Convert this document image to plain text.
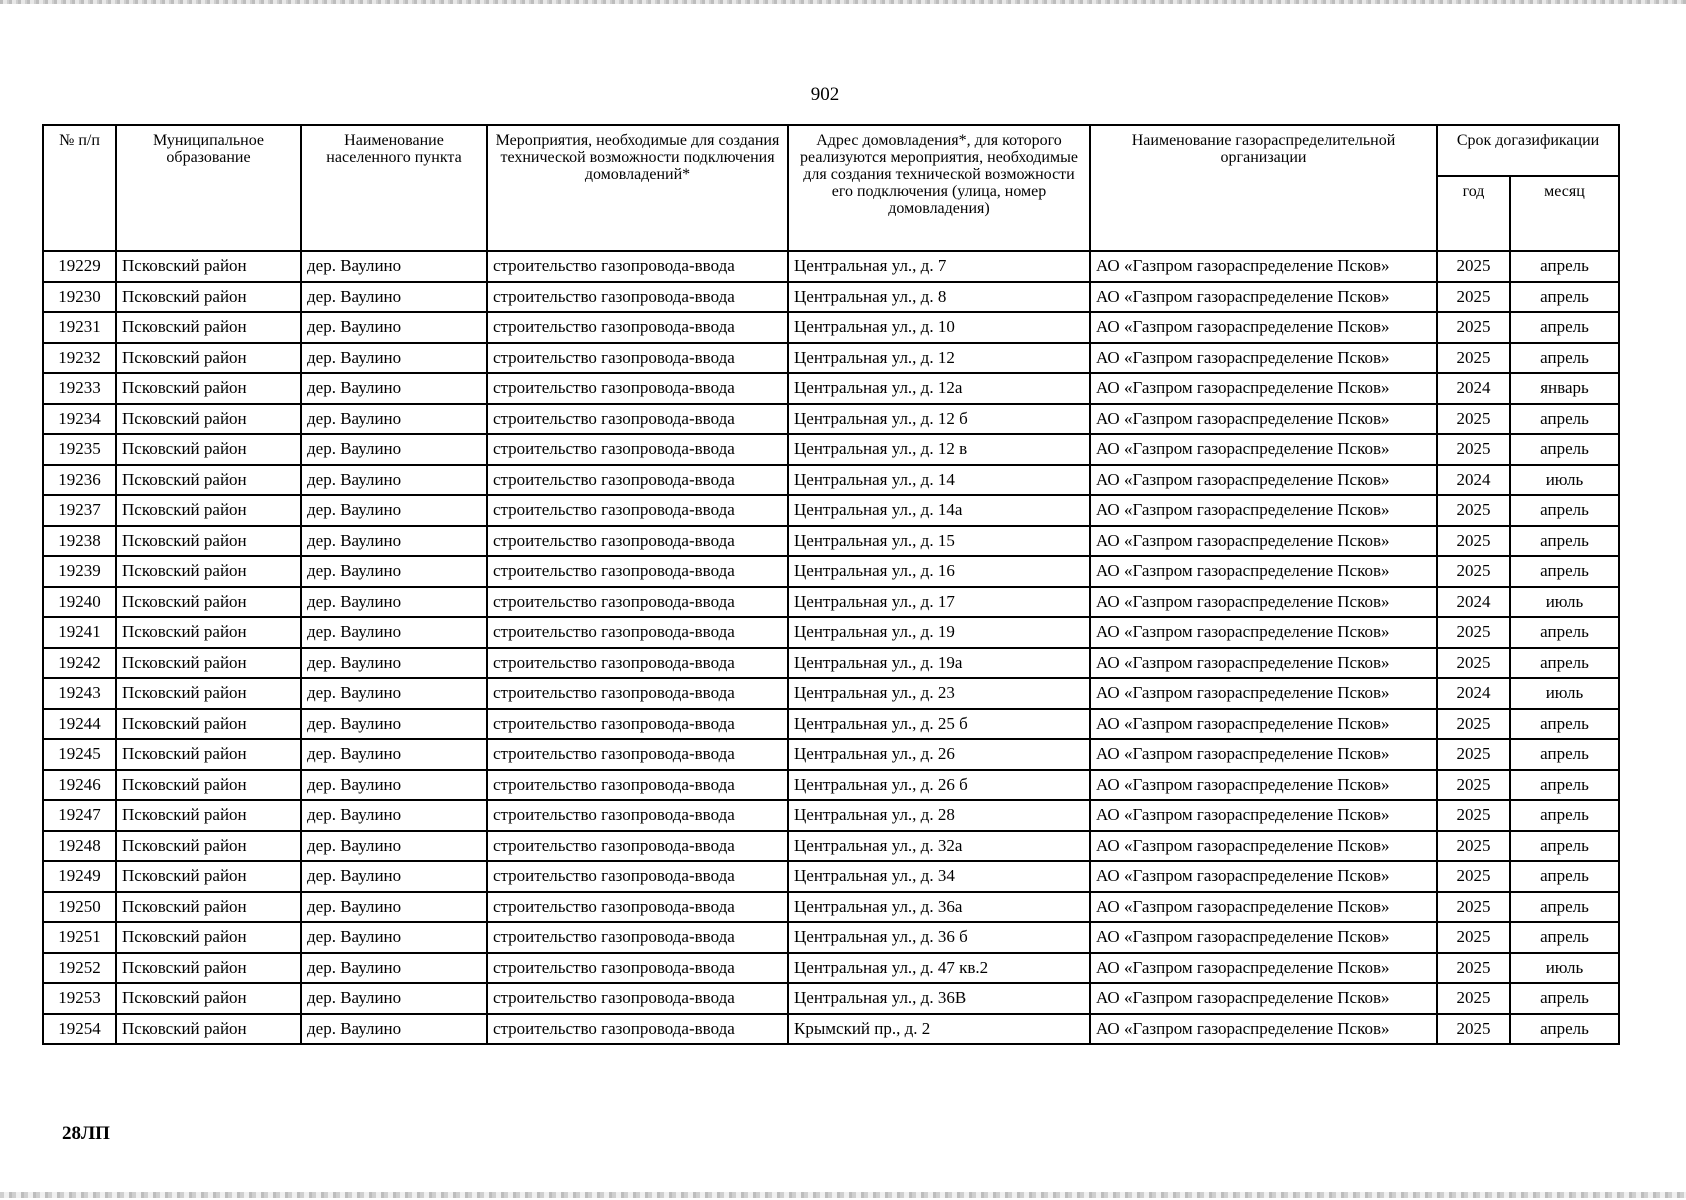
902
№ п/п	Муниципальное образование	Наименование населенного пункта	Мероприятия, необходимые для создания технической возможности подключения домовладений*	Адрес домовладения*, для которого реализуются мероприятия, необходимые для создания технической возможности его подключения (улица, номер домовладения)	Наименование газораспределительной организации	Срок догазификации	
						год	месяц
19229	Псковский район	дер. Ваулино	строительство газопровода-ввода	Центральная ул., д. 7	АО «Газпром газораспределение Псков»	2025	апрель
19230	Псковский район	дер. Ваулино	строительство газопровода-ввода	Центральная ул., д. 8	АО «Газпром газораспределение Псков»	2025	апрель
19231	Псковский район	дер. Ваулино	строительство газопровода-ввода	Центральная ул., д. 10	АО «Газпром газораспределение Псков»	2025	апрель
19232	Псковский район	дер. Ваулино	строительство газопровода-ввода	Центральная ул., д. 12	АО «Газпром газораспределение Псков»	2025	апрель
19233	Псковский район	дер. Ваулино	строительство газопровода-ввода	Центральная ул., д. 12а	АО «Газпром газораспределение Псков»	2024	январь
19234	Псковский район	дер. Ваулино	строительство газопровода-ввода	Центральная ул., д. 12 б	АО «Газпром газораспределение Псков»	2025	апрель
19235	Псковский район	дер. Ваулино	строительство газопровода-ввода	Центральная ул., д. 12 в	АО «Газпром газораспределение Псков»	2025	апрель
19236	Псковский район	дер. Ваулино	строительство газопровода-ввода	Центральная ул., д. 14	АО «Газпром газораспределение Псков»	2024	июль
19237	Псковский район	дер. Ваулино	строительство газопровода-ввода	Центральная ул., д. 14а	АО «Газпром газораспределение Псков»	2025	апрель
19238	Псковский район	дер. Ваулино	строительство газопровода-ввода	Центральная ул., д. 15	АО «Газпром газораспределение Псков»	2025	апрель
19239	Псковский район	дер. Ваулино	строительство газопровода-ввода	Центральная ул., д. 16	АО «Газпром газораспределение Псков»	2025	апрель
19240	Псковский район	дер. Ваулино	строительство газопровода-ввода	Центральная ул., д. 17	АО «Газпром газораспределение Псков»	2024	июль
19241	Псковский район	дер. Ваулино	строительство газопровода-ввода	Центральная ул., д. 19	АО «Газпром газораспределение Псков»	2025	апрель
19242	Псковский район	дер. Ваулино	строительство газопровода-ввода	Центральная ул., д. 19а	АО «Газпром газораспределение Псков»	2025	апрель
19243	Псковский район	дер. Ваулино	строительство газопровода-ввода	Центральная ул., д. 23	АО «Газпром газораспределение Псков»	2024	июль
19244	Псковский район	дер. Ваулино	строительство газопровода-ввода	Центральная ул., д. 25 б	АО «Газпром газораспределение Псков»	2025	апрель
19245	Псковский район	дер. Ваулино	строительство газопровода-ввода	Центральная ул., д. 26	АО «Газпром газораспределение Псков»	2025	апрель
19246	Псковский район	дер. Ваулино	строительство газопровода-ввода	Центральная ул., д. 26 б	АО «Газпром газораспределение Псков»	2025	апрель
19247	Псковский район	дер. Ваулино	строительство газопровода-ввода	Центральная ул., д. 28	АО «Газпром газораспределение Псков»	2025	апрель
19248	Псковский район	дер. Ваулино	строительство газопровода-ввода	Центральная ул., д. 32а	АО «Газпром газораспределение Псков»	2025	апрель
19249	Псковский район	дер. Ваулино	строительство газопровода-ввода	Центральная ул., д. 34	АО «Газпром газораспределение Псков»	2025	апрель
19250	Псковский район	дер. Ваулино	строительство газопровода-ввода	Центральная ул., д. 36а	АО «Газпром газораспределение Псков»	2025	апрель
19251	Псковский район	дер. Ваулино	строительство газопровода-ввода	Центральная ул., д. 36 б	АО «Газпром газораспределение Псков»	2025	апрель
19252	Псковский район	дер. Ваулино	строительство газопровода-ввода	Центральная ул., д. 47 кв.2	АО «Газпром газораспределение Псков»	2025	июль
19253	Псковский район	дер. Ваулино	строительство газопровода-ввода	Центральная ул., д. 36В	АО «Газпром газораспределение Псков»	2025	апрель
19254	Псковский район	дер. Ваулино	строительство газопровода-ввода	Крымский пр., д. 2	АО «Газпром газораспределение Псков»	2025	апрель
28ЛП
